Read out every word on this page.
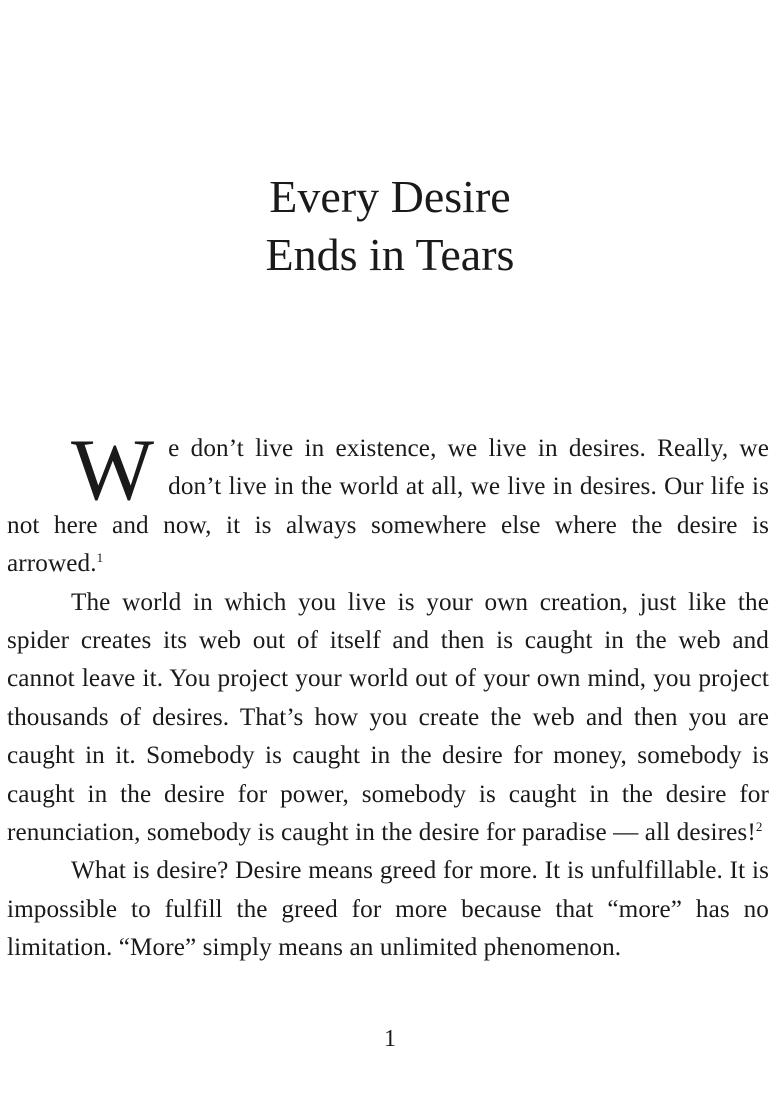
Every Desire
Ends in Tears

We don’t live in existence, we live in desires. Really, we don’t live in the world at all, we live in desires. Our life is not here and now, it is always somewhere else where the desire is arrowed.$^1$

The world in which you live is your own creation, just like the spider creates its web out of itself and then is caught in the web and cannot leave it. You project your world out of your own mind, you project thousands of desires. That’s how you create the web and then you are caught in it. Somebody is caught in the desire for money, somebody is caught in the desire for power, somebody is caught in the desire for renunciation, somebody is caught in the desire for paradise — all desires!$^2$

What is desire? Desire means greed for more. It is unfulfillable. It is impossible to fulfill the greed for more because that “more” has no limitation. “More” simply means an unlimited phenomenon.

1
